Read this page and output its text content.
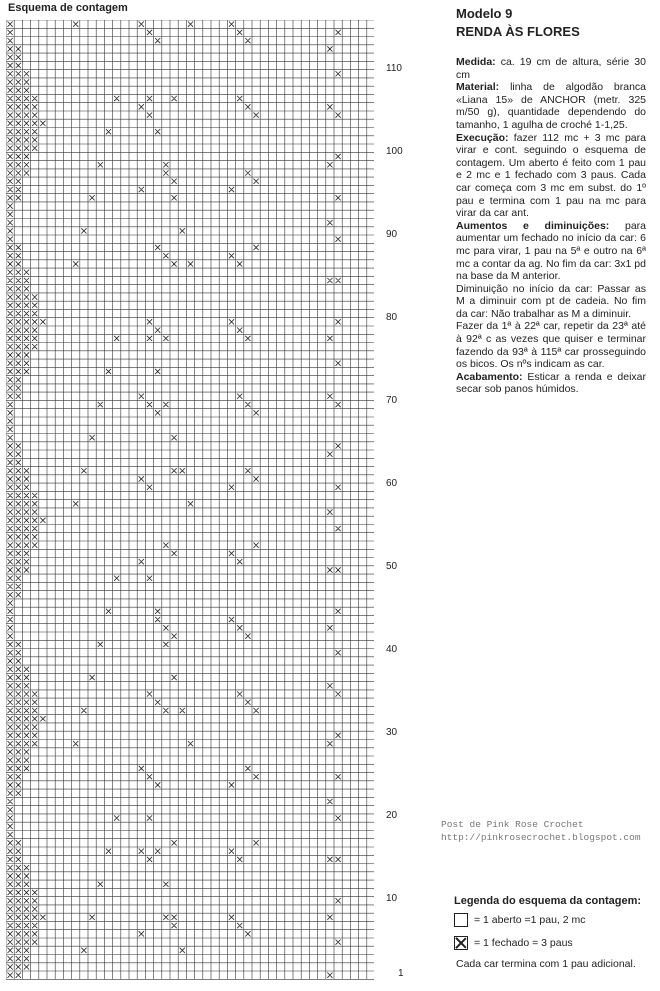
Esquema de contagem
110
100
90
80
70
60
50
40
30
20
10
1
Modelo 9
RENDA ÀS FLORES

Medida: ca. 19 cm de altura, série 30 cm

Material: linha de algodão branca «Liana 15» de ANCHOR (metr. 325 m/50 g), quantidade dependendo do tamanho, 1 agulha de croché 1-1,25.

Execução: fazer 112 mc + 3 mc para virar e cont. seguindo o esquema de contagem. Um aberto é feito com 1 pau e 2 mc e 1 fechado com 3 paus. Cada car começa com 3 mc em subst. do 1º pau e termina com 1 pau na mc para virar da car ant.

Aumentos e diminuições: para aumentar um fechado no início da car: 6 mc para virar, 1 pau na 5ª e outro na 6ª mc a contar da ag. No fim da car: 3x1 pd na base da M anterior.

Diminuição no início da car: Passar as M a diminuir com pt de cadeia. No fim da car: Não trabalhar as M a diminuir.

Fazer da 1ª à 22ª car, repetir da 23ª até à 92ª c as vezes que quiser e terminar fazendo da 93ª à 115ª car prosseguindo os bicos. Os nºs indicam as car.

Acabamento: Esticar a renda e deixar secar sob panos húmidos.

Post de Pink Rose Crochet
http://pinkrosecrochet.blogspot.com
Legenda do esquema da contagem:
= 1 aberto =1 pau, 2 mc
= 1 fechado = 3 paus
Cada car termina com 1 pau adicional.
